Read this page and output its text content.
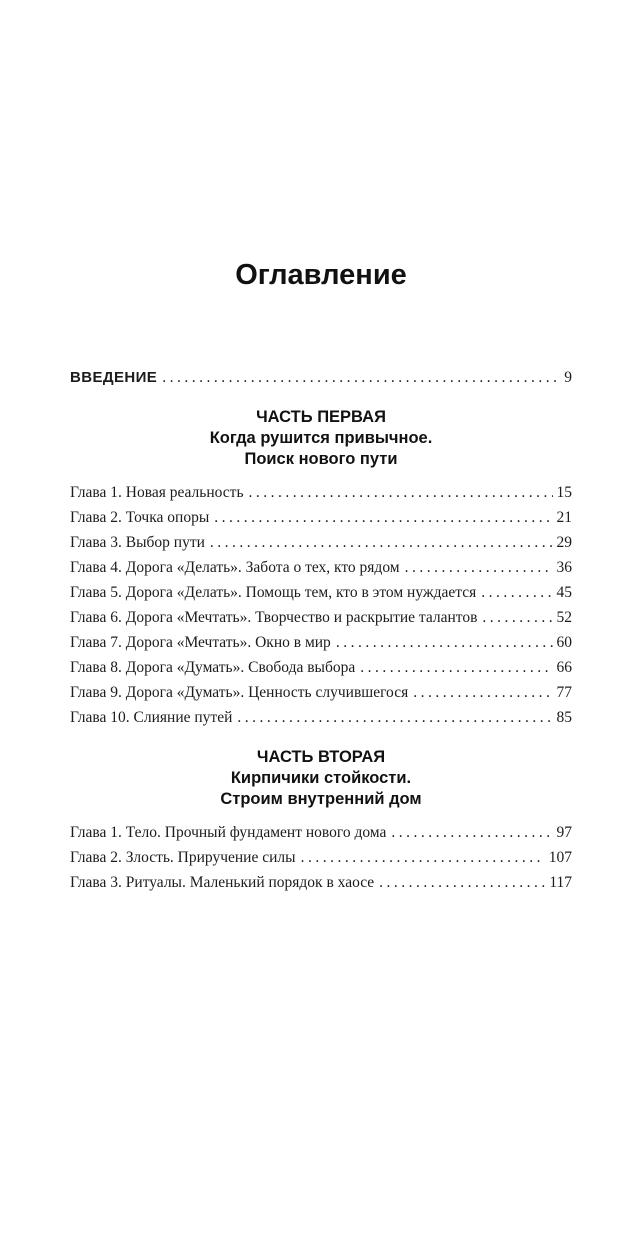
Оглавление
ВВЕДЕНИЕ .....	9
ЧАСТЬ ПЕРВАЯ
Когда рушится привычное.
Поиск нового пути
Глава 1. Новая реальность .....	15
Глава 2. Точка опоры .....	21
Глава 3. Выбор пути .....	29
Глава 4. Дорога «Делать». Забота о тех, кто рядом .....	36
Глава 5. Дорога «Делать». Помощь тем, кто в этом нуждается .....	45
Глава 6. Дорога «Мечтать». Творчество и раскрытие талантов .....	52
Глава 7. Дорога «Мечтать». Окно в мир .....	60
Глава 8. Дорога «Думать». Свобода выбора .....	66
Глава 9. Дорога «Думать». Ценность случившегося .....	77
Глава 10. Слияние путей .....	85
ЧАСТЬ ВТОРАЯ
Кирпичики стойкости.
Строим внутренний дом
Глава 1. Тело. Прочный фундамент нового дома .....	97
Глава 2. Злость. Приручение силы .....	107
Глава 3. Ритуалы. Маленький порядок в хаосе .....	117
